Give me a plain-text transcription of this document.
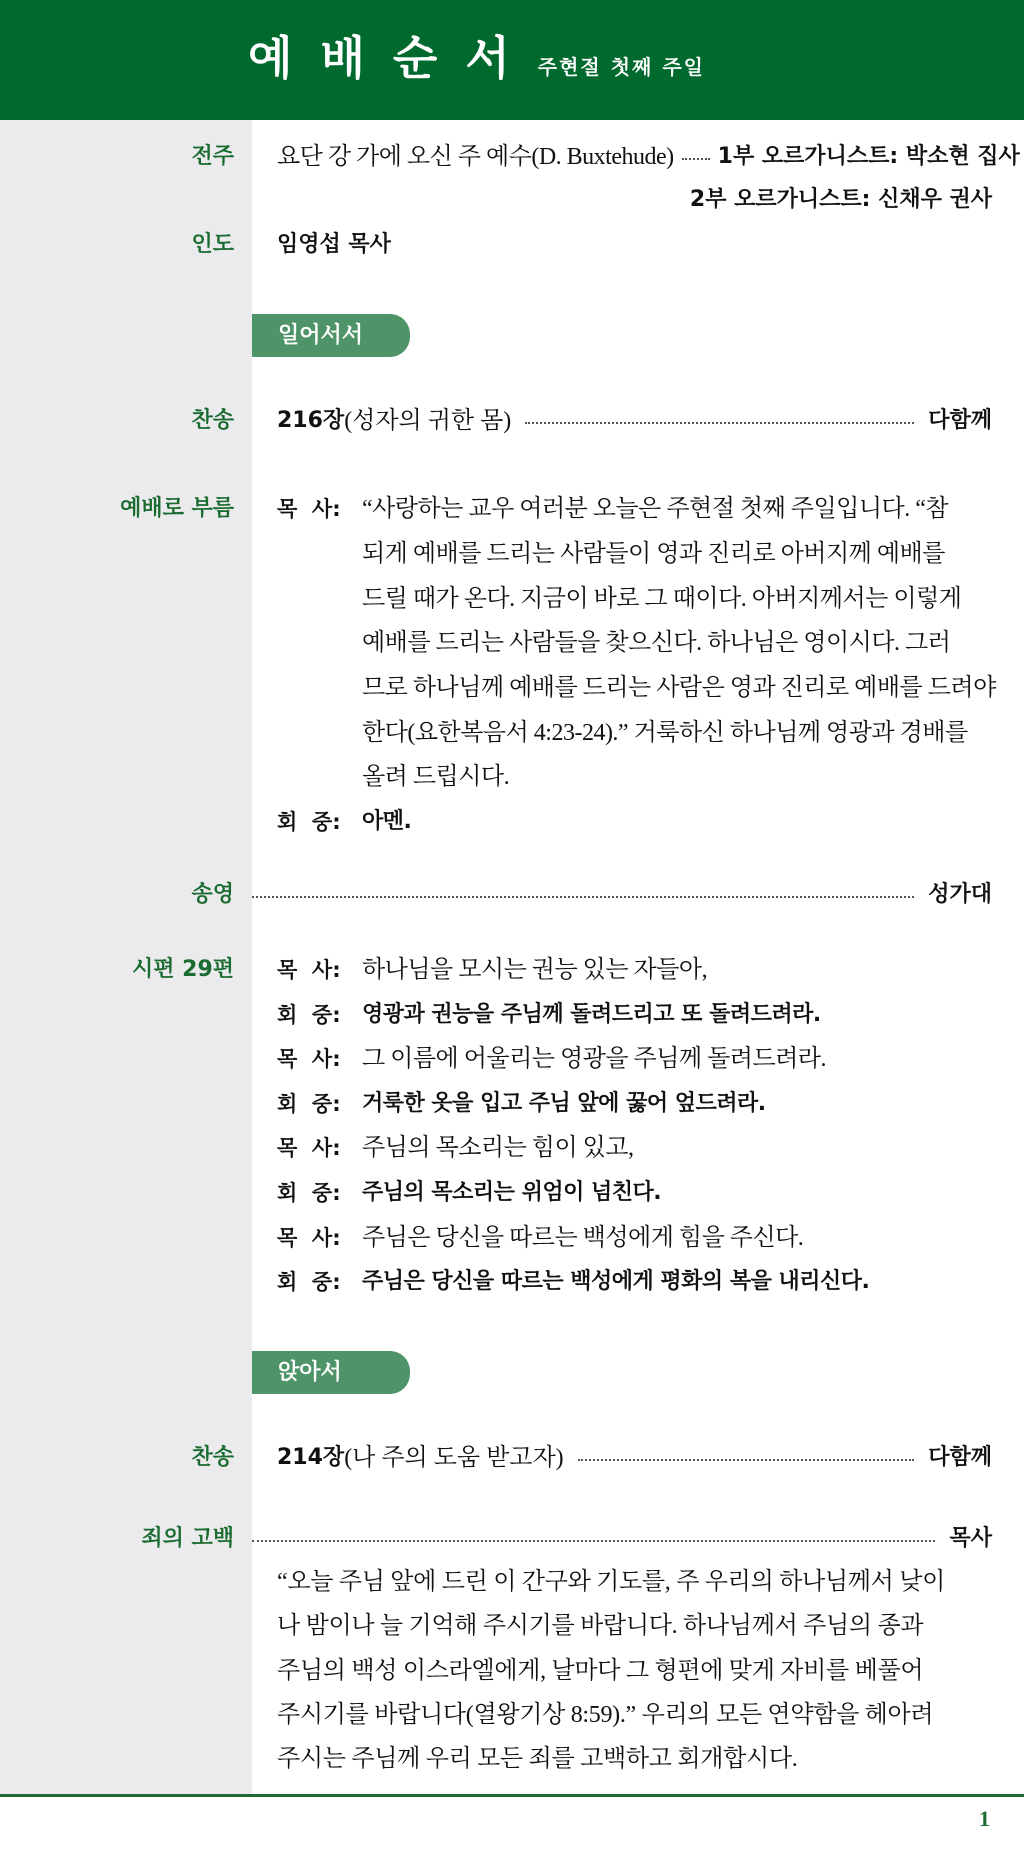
예 배 순 서 주현절 첫째 주일
전주 요단 강 가에 오신 주 예수(D. Buxtehude) 1부 오르가니스트: 박소현 집사
2부 오르가니스트: 신채우 권사
인도 임영섭 목사
일어서서
찬송 216장 (성자의 귀한 몸)	다함께
예배로 부름 목  사: “사랑하는 교우 여러분 오늘은 주현절 첫째 주일입니다. “참
되게 예배를 드리는 사람들이 영과 진리로 아버지께 예배를
드릴 때가 온다. 지금이 바로 그 때이다. 아버지께서는 이렇게
예배를 드리는 사람들을 찾으신다. 하나님은 영이시다. 그러
므로 하나님께 예배를 드리는 사람은 영과 진리로 예배를 드려야
한다(요한복음서 4:23-24).” 거룩하신 하나님께 영광과 경배를
올려 드립시다.
회  중: 아멘.
송영	성가대
시편 29편 목  사: 하나님을 모시는 권능 있는 자들아,
회  중: 영광과 권능을 주님께 돌려드리고 또 돌려드려라.
목  사: 그 이름에 어울리는 영광을 주님께 돌려드려라.
회  중: 거룩한 옷을 입고 주님 앞에 꿇어 엎드려라.
목  사: 주님의 목소리는 힘이 있고,
회  중: 주님의 목소리는 위엄이 넘친다.
목  사: 주님은 당신을 따르는 백성에게 힘을 주신다.
회  중: 주님은 당신을 따르는 백성에게 평화의 복을 내리신다.
앉아서
찬송 214장 (나 주의 도움 받고자)	다함께
죄의 고백	목사
“오늘 주님 앞에 드린 이 간구와 기도를, 주 우리의 하나님께서 낮이
나 밤이나 늘 기억해 주시기를 바랍니다. 하나님께서 주님의 종과
주님의 백성 이스라엘에게, 날마다 그 형편에 맞게 자비를 베풀어
주시기를 바랍니다(열왕기상 8:59).” 우리의 모든 연약함을 헤아려
주시는 주님께 우리 모든 죄를 고백하고 회개합시다.
1
